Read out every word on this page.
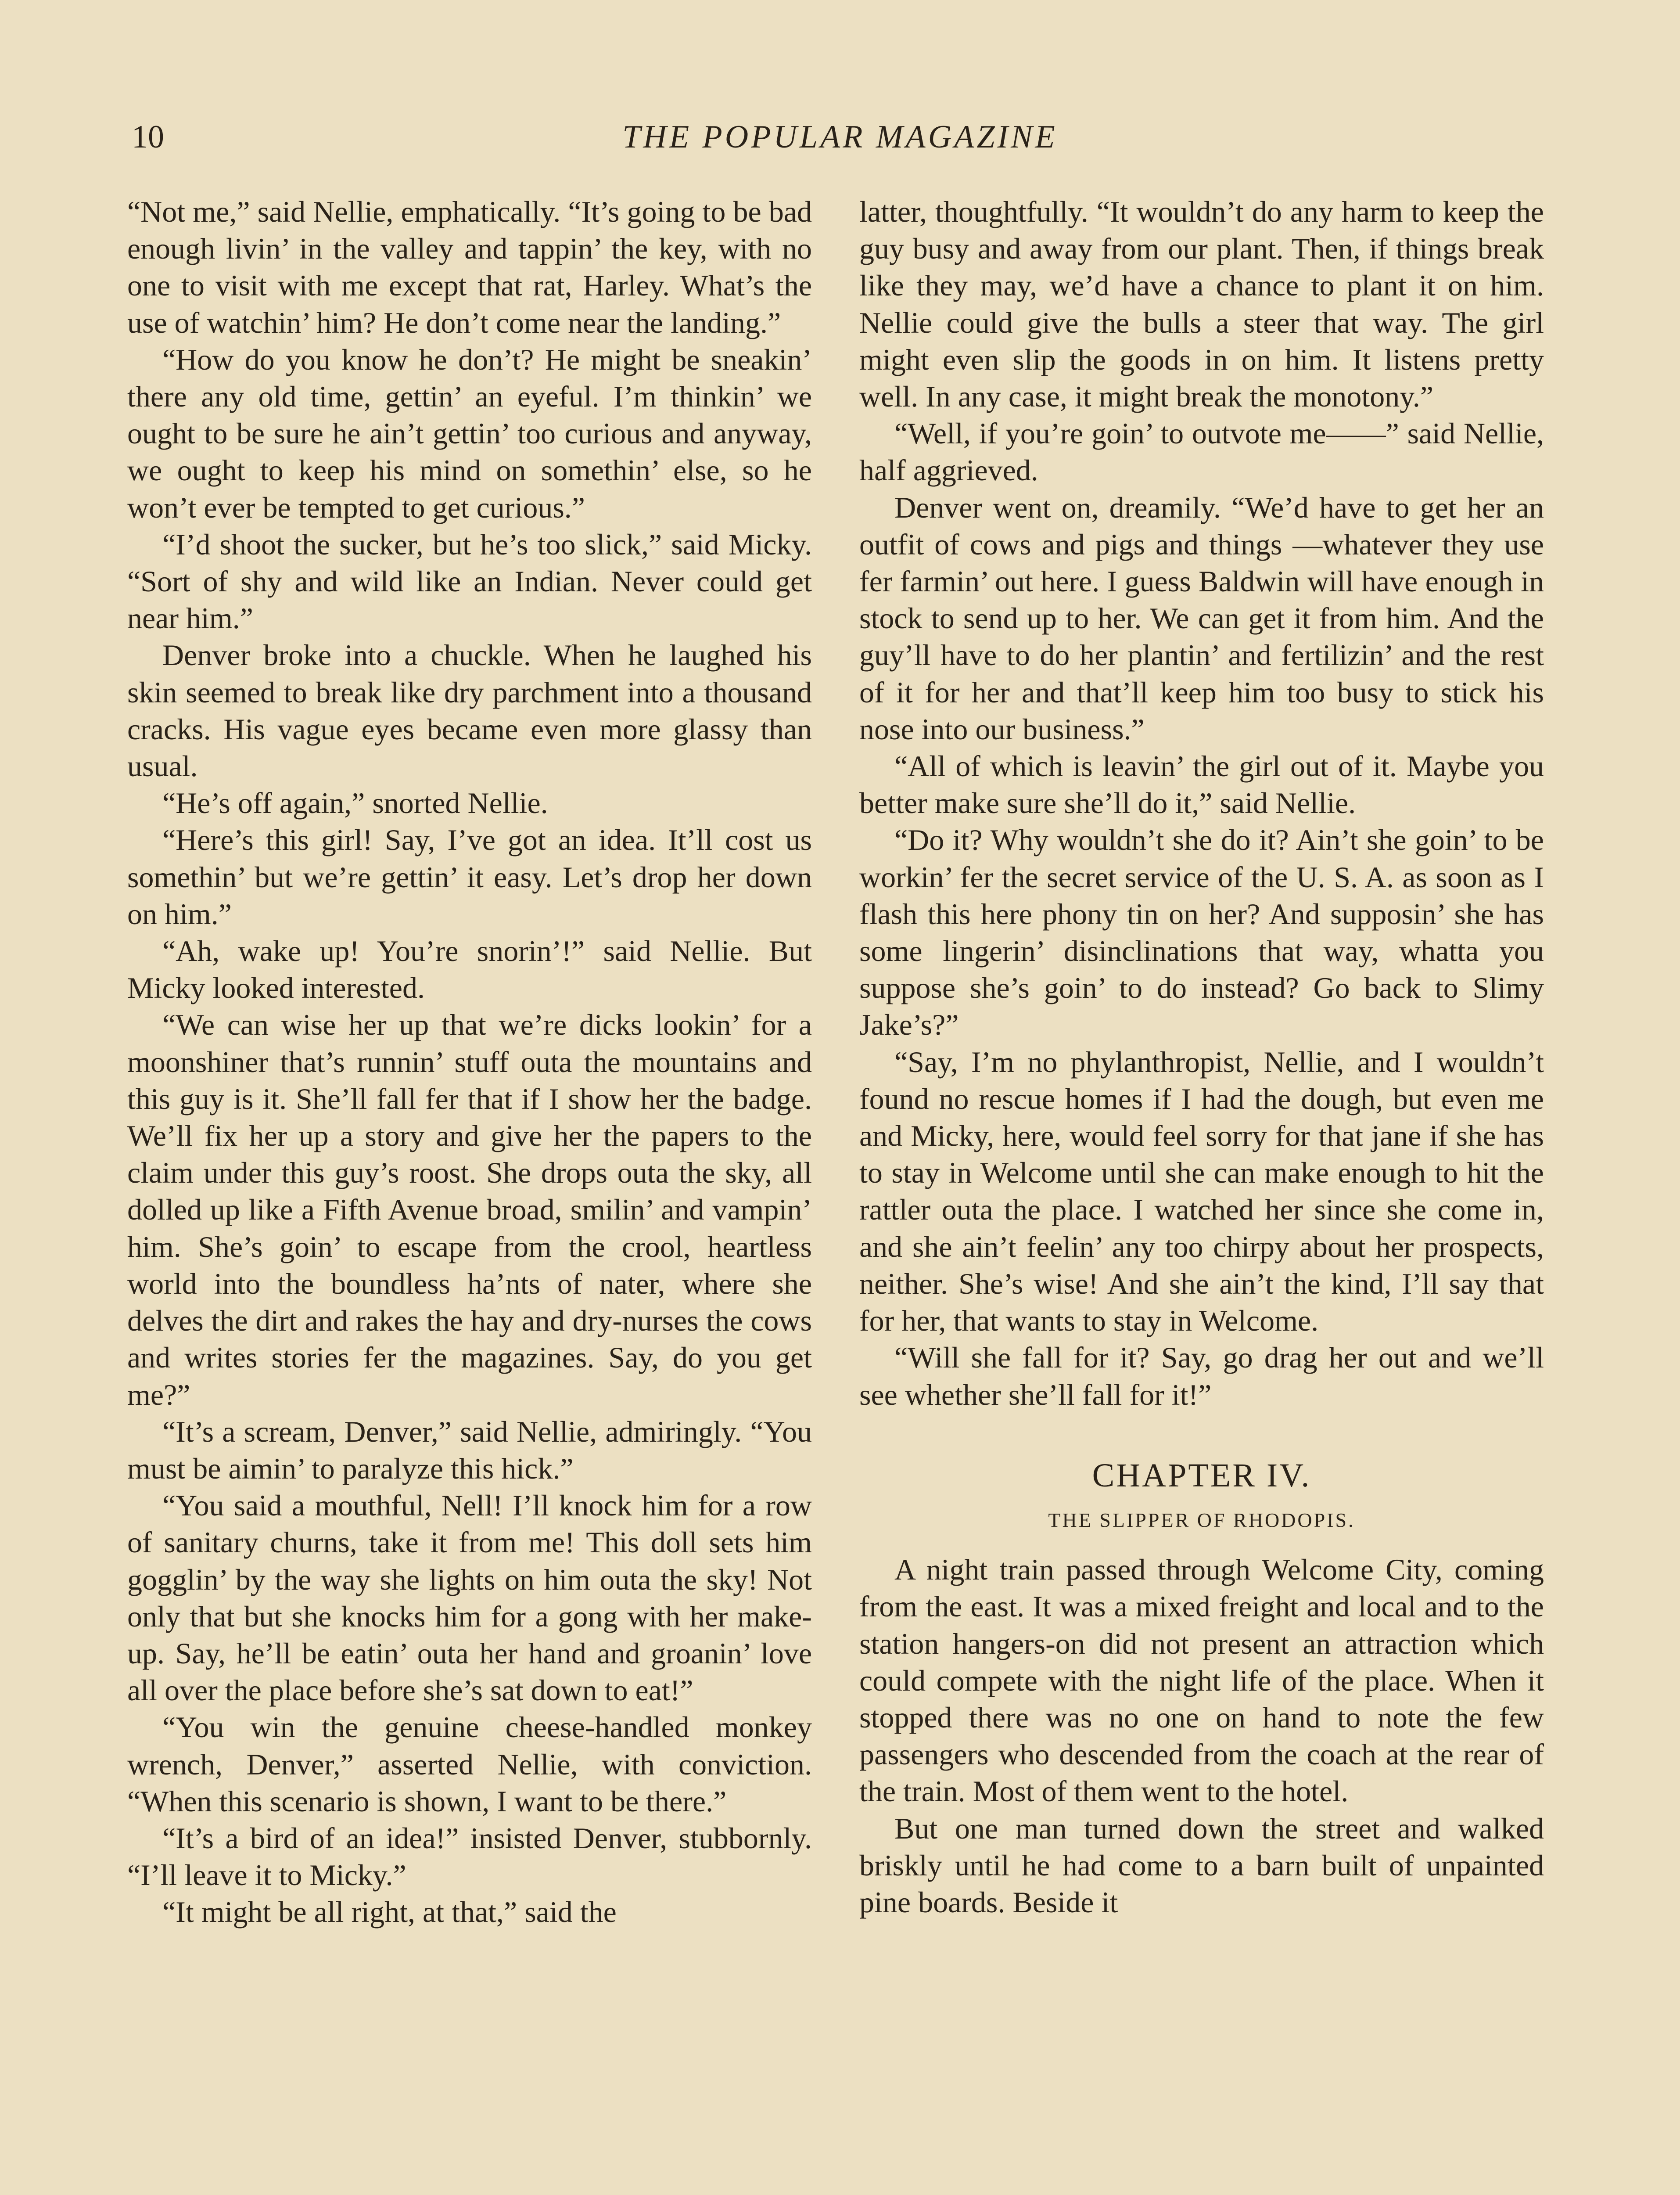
10	THE POPULAR MAGAZINE

“Not me,” said Nellie, emphatically. “It’s going to be bad enough livin’ in the valley and tappin’ the key, with no one to visit with me except that rat, Harley. What’s the use of watchin’ him? He don’t come near the landing.”

“How do you know he don’t? He might be sneakin’ there any old time, gettin’ an eyeful. I’m thinkin’ we ought to be sure he ain’t gettin’ too curious and anyway, we ought to keep his mind on somethin’ else, so he won’t ever be tempted to get curious.”

“I’d shoot the sucker, but he’s too slick,” said Micky. “Sort of shy and wild like an Indian. Never could get near him.”

Denver broke into a chuckle. When he laughed his skin seemed to break like dry parchment into a thousand cracks. His vague eyes became even more glassy than usual.

“He’s off again,” snorted Nellie.

“Here’s this girl! Say, I’ve got an idea. It’ll cost us somethin’ but we’re gettin’ it easy. Let’s drop her down on him.”

“Ah, wake up! You’re snorin’!” said Nellie. But Micky looked interested.

“We can wise her up that we’re dicks lookin’ for a moonshiner that’s runnin’ stuff outa the mountains and this guy is it. She’ll fall fer that if I show her the badge. We’ll fix her up a story and give her the papers to the claim under this guy’s roost. She drops outa the sky, all dolled up like a Fifth Avenue broad, smilin’ and vampin’ him. She’s goin’ to escape from the crool, heartless world into the boundless ha’nts of nater, where she delves the dirt and rakes the hay and dry-nurses the cows and writes stories fer the magazines. Say, do you get me?”

“It’s a scream, Denver,” said Nellie, admiringly. “You must be aimin’ to paralyze this hick.”

“You said a mouthful, Nell! I’ll knock him for a row of sanitary churns, take it from me! This doll sets him gogglin’ by the way she lights on him outa the sky! Not only that but she knocks him for a gong with her make-up. Say, he’ll be eatin’ outa her hand and groanin’ love all over the place before she’s sat down to eat!”

“You win the genuine cheese-handled monkey wrench, Denver,” asserted Nellie, with conviction. “When this scenario is shown, I want to be there.”

“It’s a bird of an idea!” insisted Denver, stubbornly. “I’ll leave it to Micky.”

“It might be all right, at that,” said the

latter, thoughtfully. “It wouldn’t do any harm to keep the guy busy and away from our plant. Then, if things break like they may, we’d have a chance to plant it on him. Nellie could give the bulls a steer that way. The girl might even slip the goods in on him. It listens pretty well. In any case, it might break the monotony.”

“Well, if you’re goin’ to outvote me——” said Nellie, half aggrieved.

Denver went on, dreamily. “We’d have to get her an outfit of cows and pigs and things —whatever they use fer farmin’ out here. I guess Baldwin will have enough in stock to send up to her. We can get it from him. And the guy’ll have to do her plantin’ and fertilizin’ and the rest of it for her and that’ll keep him too busy to stick his nose into our business.”

“All of which is leavin’ the girl out of it. Maybe you better make sure she’ll do it,” said Nellie.

“Do it? Why wouldn’t she do it? Ain’t she goin’ to be workin’ fer the secret service of the U. S. A. as soon as I flash this here phony tin on her? And supposin’ she has some lingerin’ disinclinations that way, whatta you suppose she’s goin’ to do instead? Go back to Slimy Jake’s?”

“Say, I’m no phylanthropist, Nellie, and I wouldn’t found no rescue homes if I had the dough, but even me and Micky, here, would feel sorry for that jane if she has to stay in Welcome until she can make enough to hit the rattler outa the place. I watched her since she come in, and she ain’t feelin’ any too chirpy about her prospects, neither. She’s wise! And she ain’t the kind, I’ll say that for her, that wants to stay in Welcome.

“Will she fall for it? Say, go drag her out and we’ll see whether she’ll fall for it!”

CHAPTER IV.
THE SLIPPER OF RHODOPIS.

A night train passed through Welcome City, coming from the east. It was a mixed freight and local and to the station hangers-on did not present an attraction which could compete with the night life of the place. When it stopped there was no one on hand to note the few passengers who descended from the coach at the rear of the train. Most of them went to the hotel.

But one man turned down the street and walked briskly until he had come to a barn built of unpainted pine boards. Beside it
